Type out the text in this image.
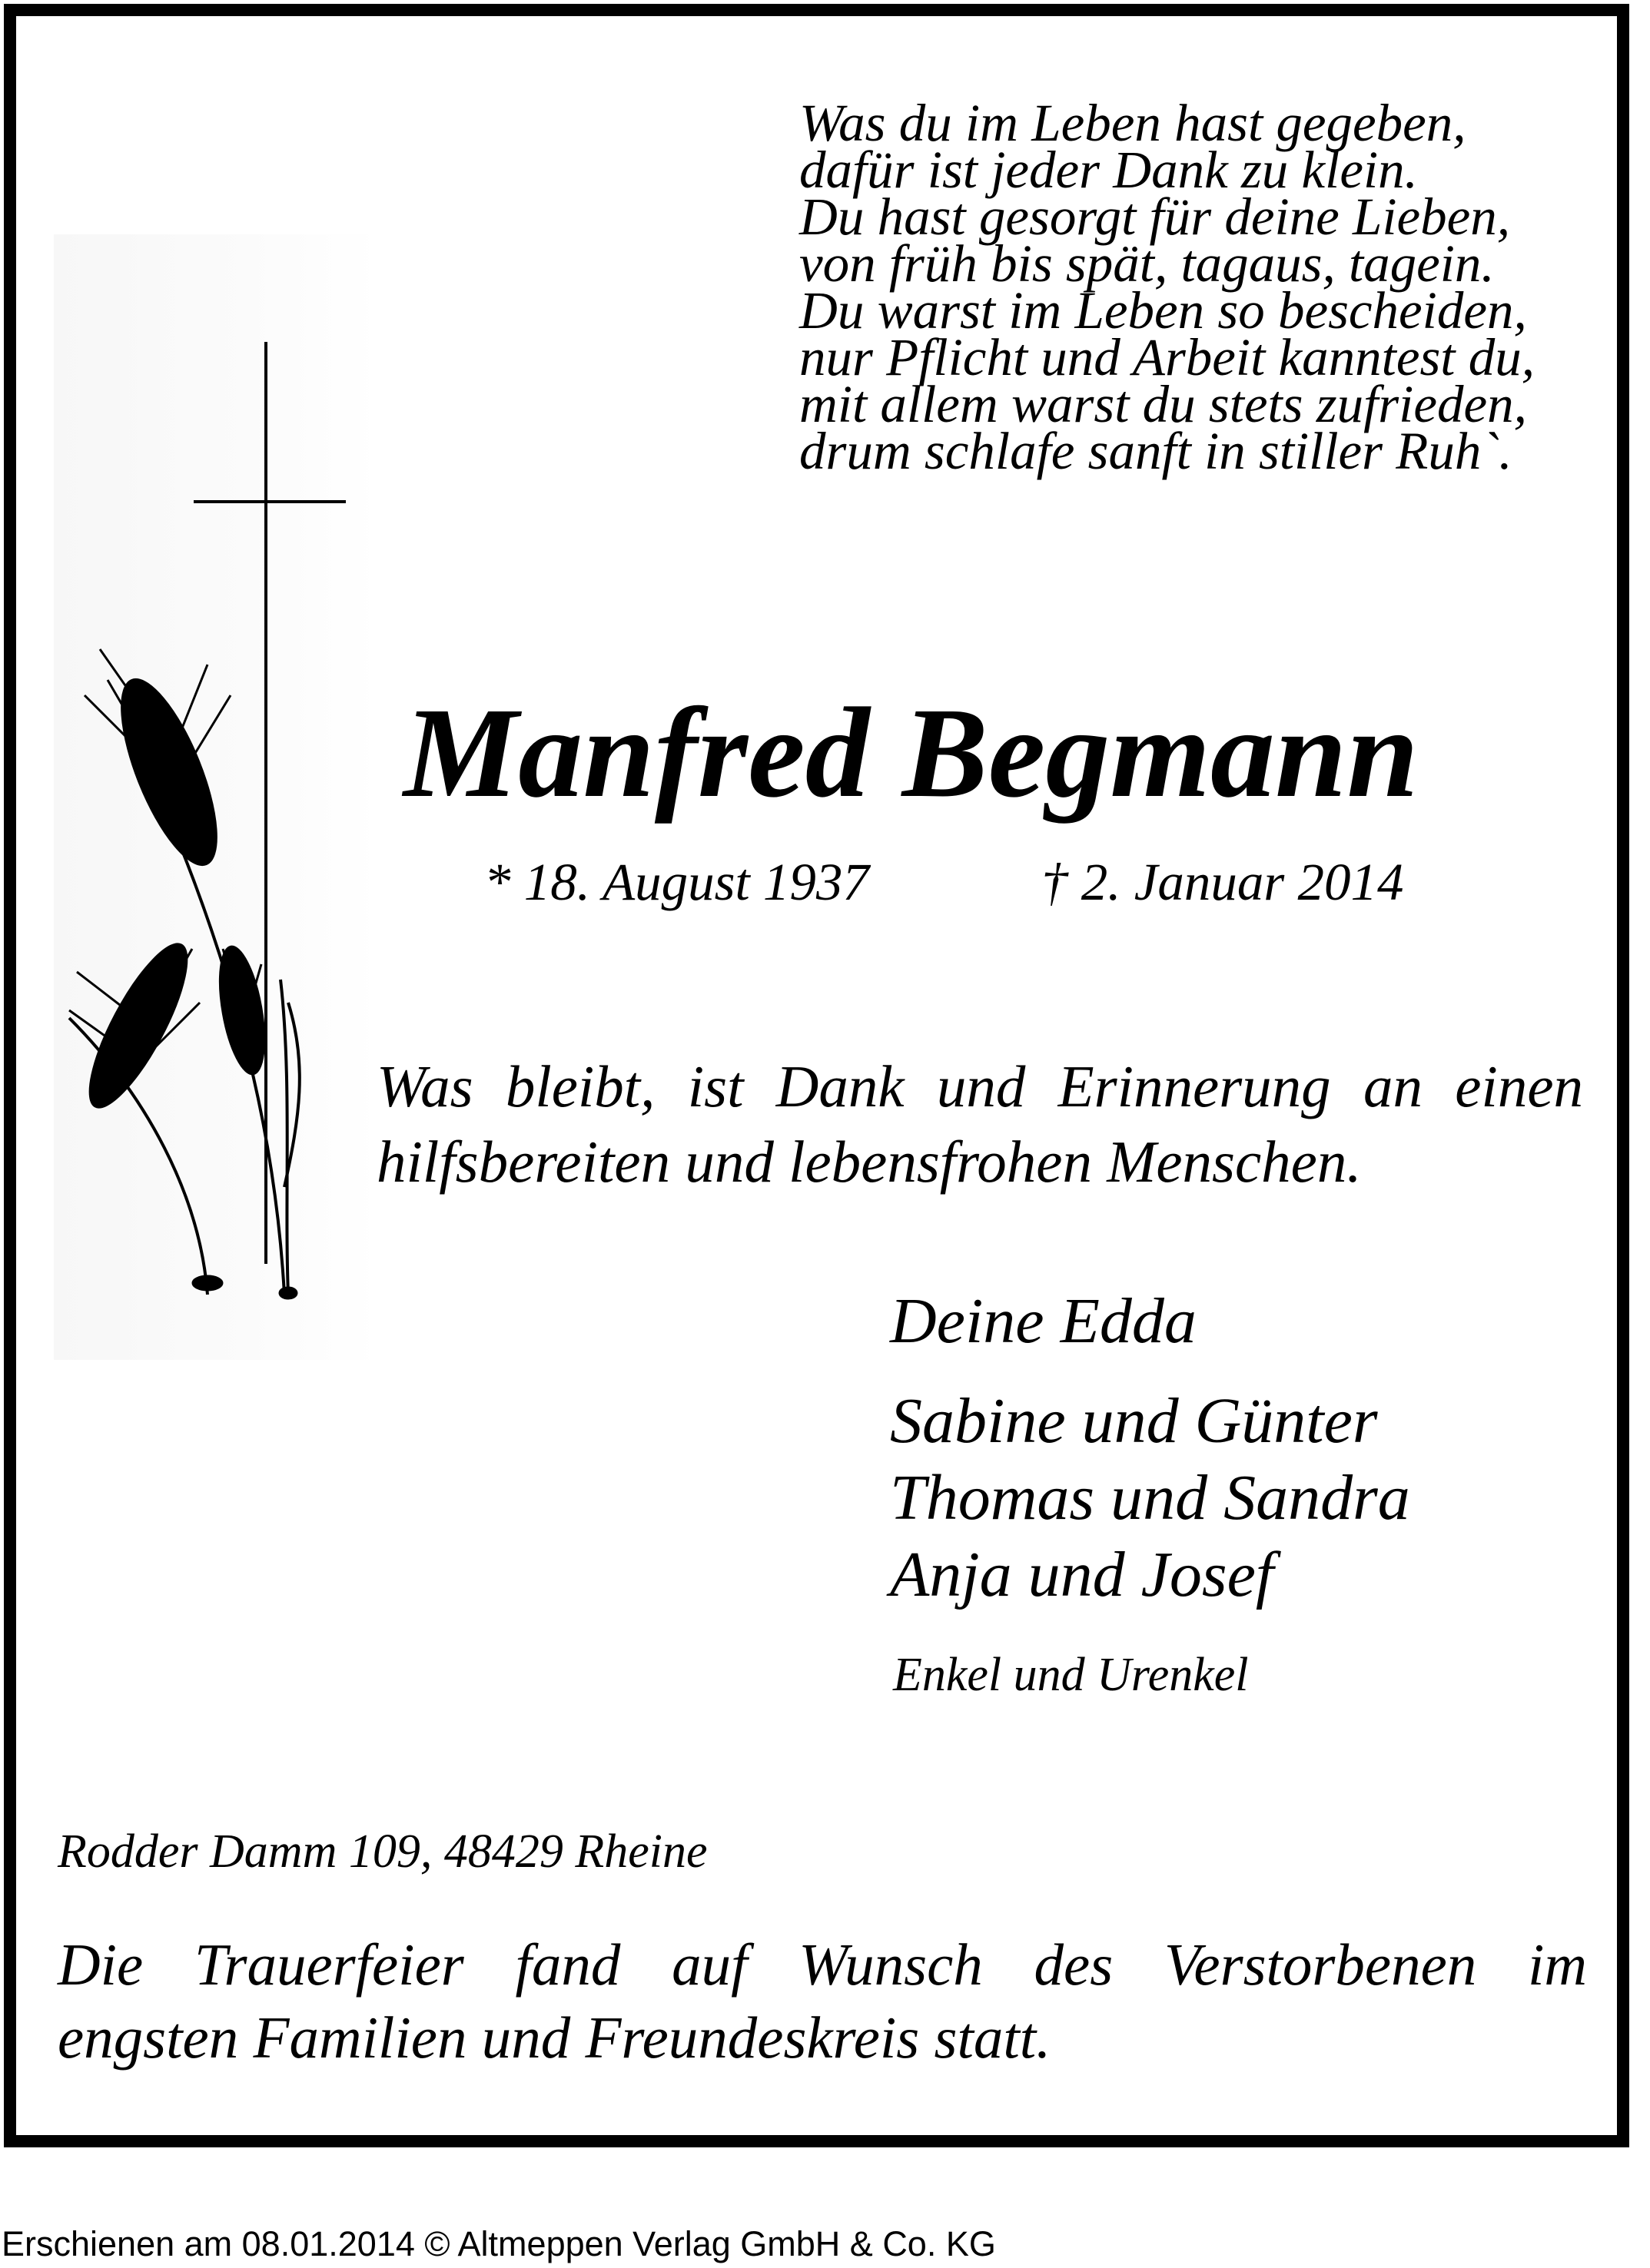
Was du im Leben hast gegeben,
dafür ist jeder Dank zu klein.
Du hast gesorgt für deine Lieben,
von früh bis spät, tagaus, tagein.
Du warst im Leben so bescheiden,
nur Pflicht und Arbeit kanntest du,
mit allem warst du stets zufrieden,
drum schlafe sanft in stiller Ruh`.
Manfred Begmann
* 18. August 1937	† 2. Januar 2014
Was bleibt, ist Dank und Erinnerung an einen
hilfsbereiten und lebensfrohen Menschen.
Deine Edda
Sabine und Günter
Thomas und Sandra
Anja und Josef
Enkel und Urenkel
Rodder Damm 109, 48429 Rheine
Die Trauerfeier fand auf Wunsch des Verstorbenen im
engsten Familien und Freundeskreis statt.
Erschienen am 08.01.2014 © Altmeppen Verlag GmbH & Co. KG
